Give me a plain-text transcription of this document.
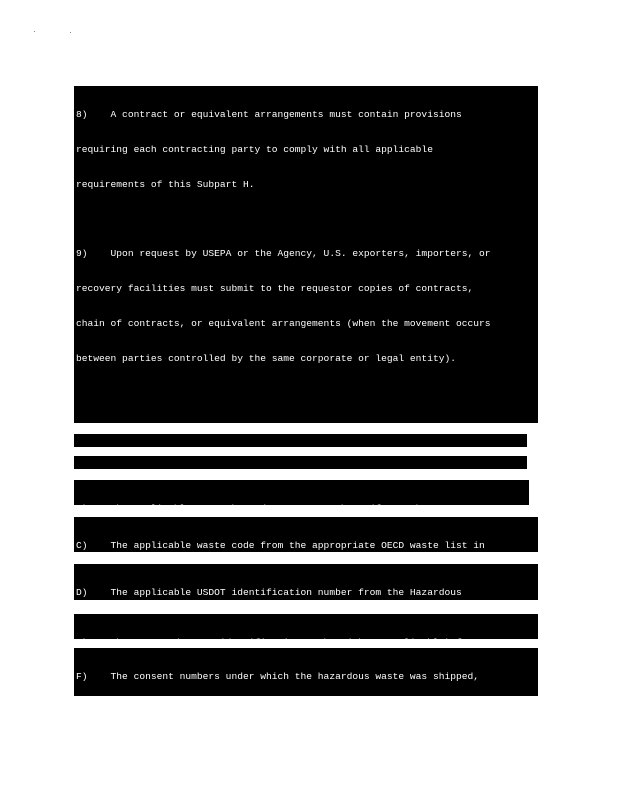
8)    A contract or equivalent arrangements must contain provisions

requiring each contracting party to comply with all applicable

requirements of this Subpart H.

9)    Upon request by USEPA or the Agency, U.S. exporters, importers, or

recovery facilities must submit to the requestor copies of contracts,

chain of contracts, or equivalent arrangements (when the movement occurs

between parties controlled by the same corporate or legal entity).

C)    The applicable waste code from the appropriate OECD waste list in

D)    The applicable USDOT identification number from the Hazardous

F)    The consent numbers under which the hazardous waste was shipped,
